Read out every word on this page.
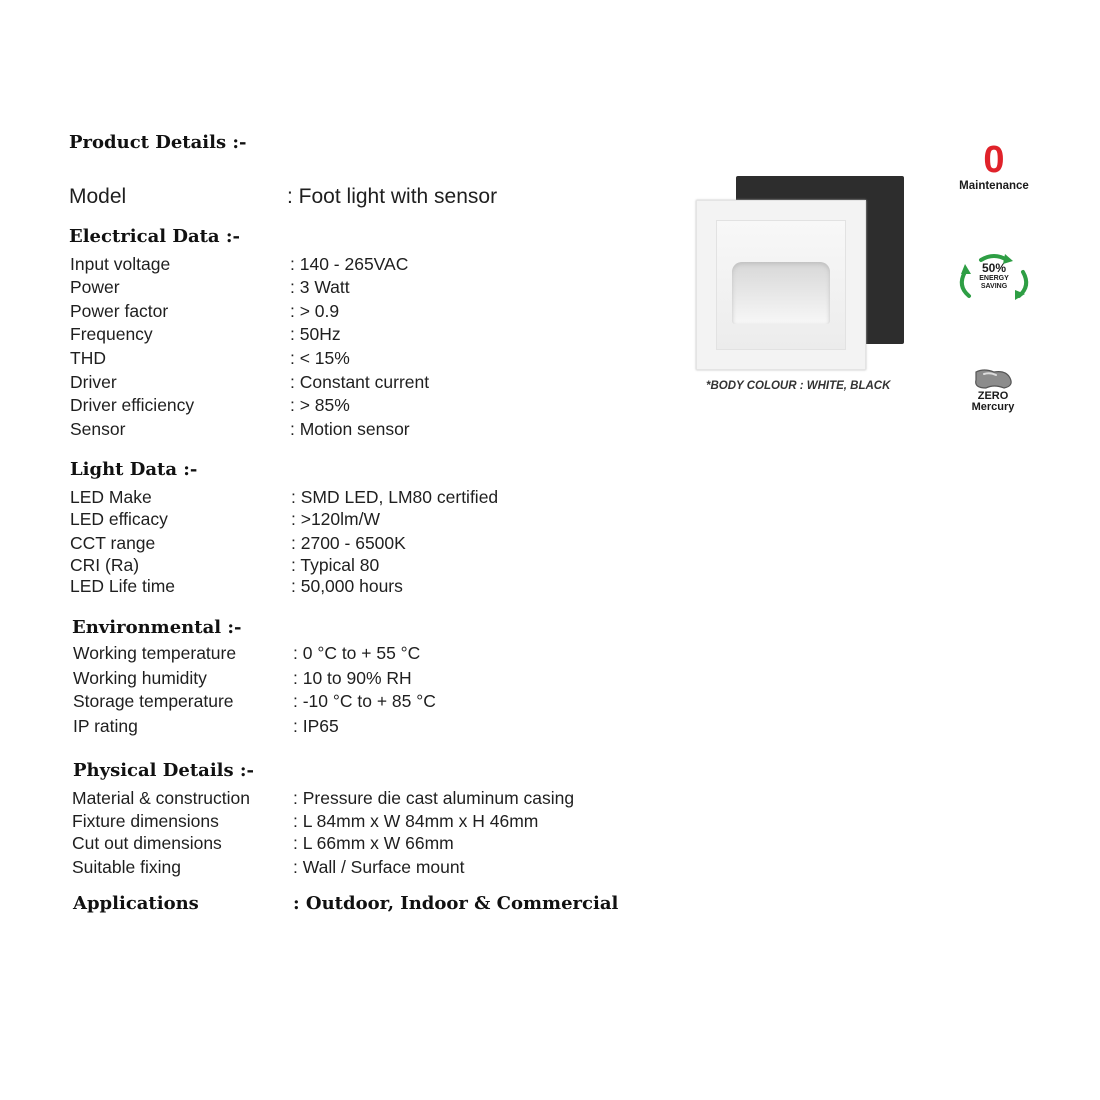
Product Details :-
Model	: Foot light with sensor
Electrical Data :-
Input voltage	: 140 - 265VAC
Power	: 3 Watt
Power factor	: > 0.9
Frequency	: 50Hz
THD	: < 15%
Driver	: Constant current
Driver efficiency	: > 85%
Sensor	: Motion sensor
Light Data :-
LED Make	: SMD LED, LM80 certified
LED efficacy	: >120lm/W
CCT range	: 2700 - 6500K
CRI (Ra)	: Typical 80
LED Life time	: 50,000 hours
Environmental :-
Working temperature	: 0 °C to + 55 °C
Working humidity	: 10 to 90% RH
Storage temperature	: -10 °C to + 85 °C
IP rating	: IP65
Physical Details :-
Material & construction : Pressure die cast aluminum casing
Fixture dimensions	: L 84mm x W 84mm x H 46mm
Cut out dimensions	: L 66mm x W 66mm
Suitable fixing	: Wall / Surface mount
Applications	: Outdoor, Indoor & Commercial
*BODY COLOUR : WHITE, BLACK
0
Maintenance
50%
ENERGY
SAVING
ZERO
Mercury
